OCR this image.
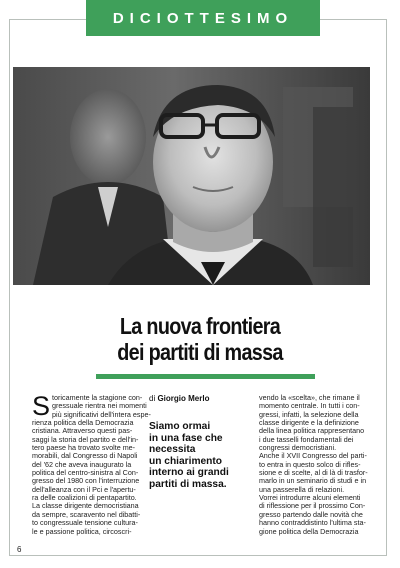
DICIOTTESIMO
La nuova frontiera
dei partiti di massa
S toricamente la stagione con-
gressuale rientra nei momenti
più significativi dell'intera espe-
rienza politica della Democrazia
cristiana. Attraverso questi pas-
saggi la storia del partito e dell'in-
tero paese ha trovato svolte me-
morabili, dal Congresso di Napoli
del '62 che aveva inaugurato la
politica del centro-sinistra al Con-
gresso del 1980 con l'interruzione
dell'alleanza con il Pci e l'apertu-
ra delle coalizioni di pentapartito.
La classe dirigente democristiana
da sempre, scaravento nel dibatti-
to congressuale tensione cultura-
le e passione politica, circoscri-
di Giorgio Merlo
Siamo ormai
in una fase che
necessita
un chiarimento
interno ai grandi
partiti di massa.
vendo la «scelta», che rimane il
momento centrale. In tutti i con-
gressi, infatti, la selezione della
classe dirigente e la definizione
della linea politica rappresentano
i due tasselli fondamentali dei
congressi democristiani.
Anche il XVII Congresso del parti-
to entra in questo solco di rifles-
sione e di scelte, al di là di trasfor-
marlo in un seminario di studi e in
una passerella di relazioni.
Vorrei introdurre alcuni elementi
di riflessione per il prossimo Con-
gresso partendo dalle novità che
hanno contraddistinto l'ultima sta-
gione politica della Democrazia
6
